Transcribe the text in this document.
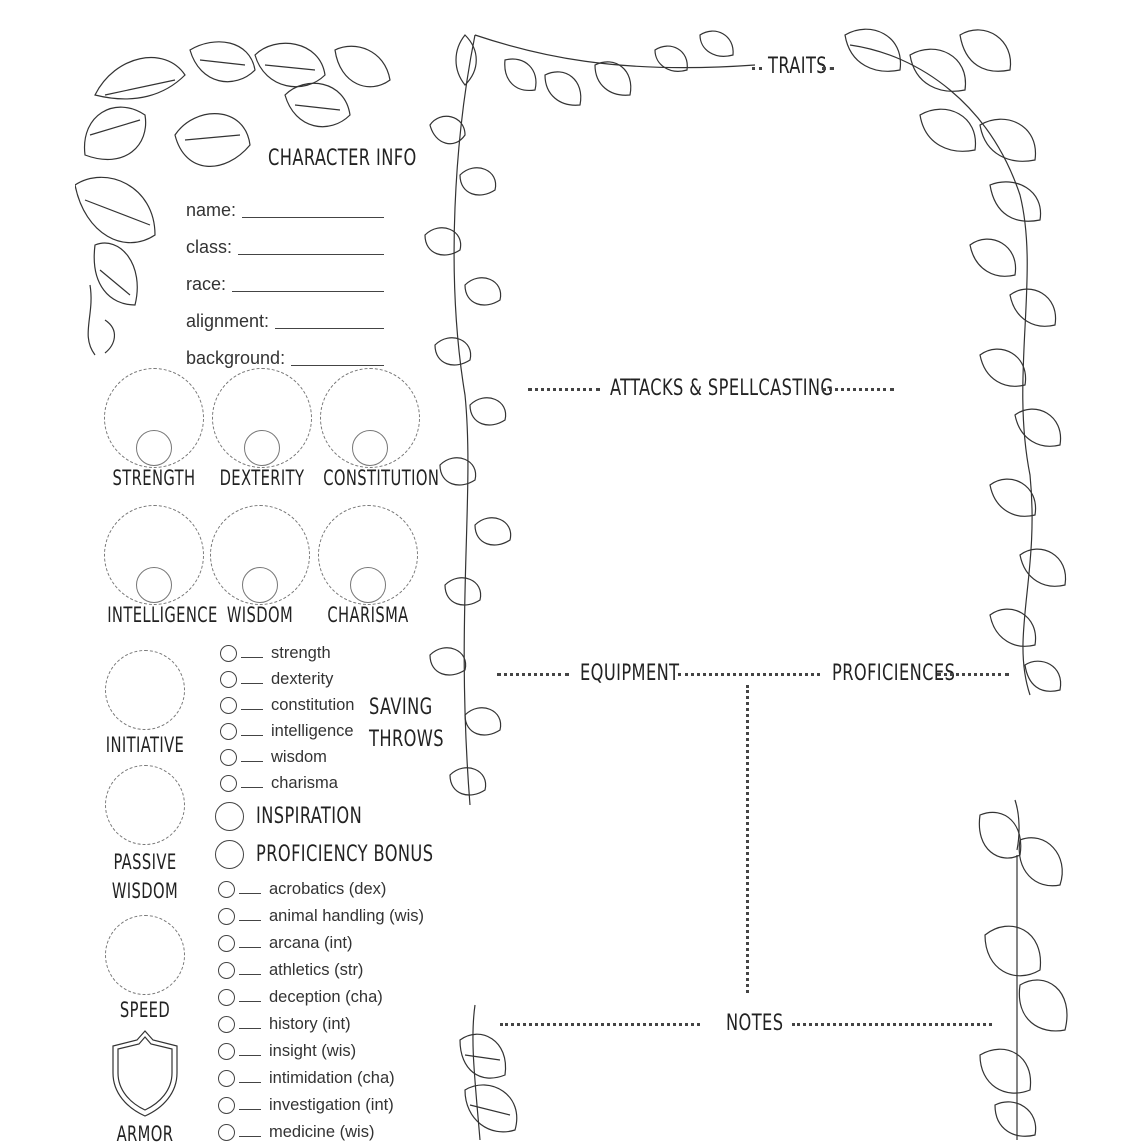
CHARACTER INFO
name:
class:
race:
alignment:
background:
STRENGTH DEXTERITY CONSTITUTION
INTELLIGENCE WISDOM	CHARISMA
INITIATIVE
PASSIVE
WISDOM
SPEED
ARMOR
strength
dexterity
constitution
intelligence
wisdom
charisma
SAVING
THROWS
INSPIRATION
PROFICIENCY BONUS
acrobatics (dex)
animal handling (wis)
arcana (int)
athletics (str)
deception (cha)
history (int)
insight (wis)
intimidation (cha)
investigation (int)
medicine (wis)
TRAITS
ATTACKS & SPELLCASTING
EQUIPMENT	PROFICIENCES
NOTES
